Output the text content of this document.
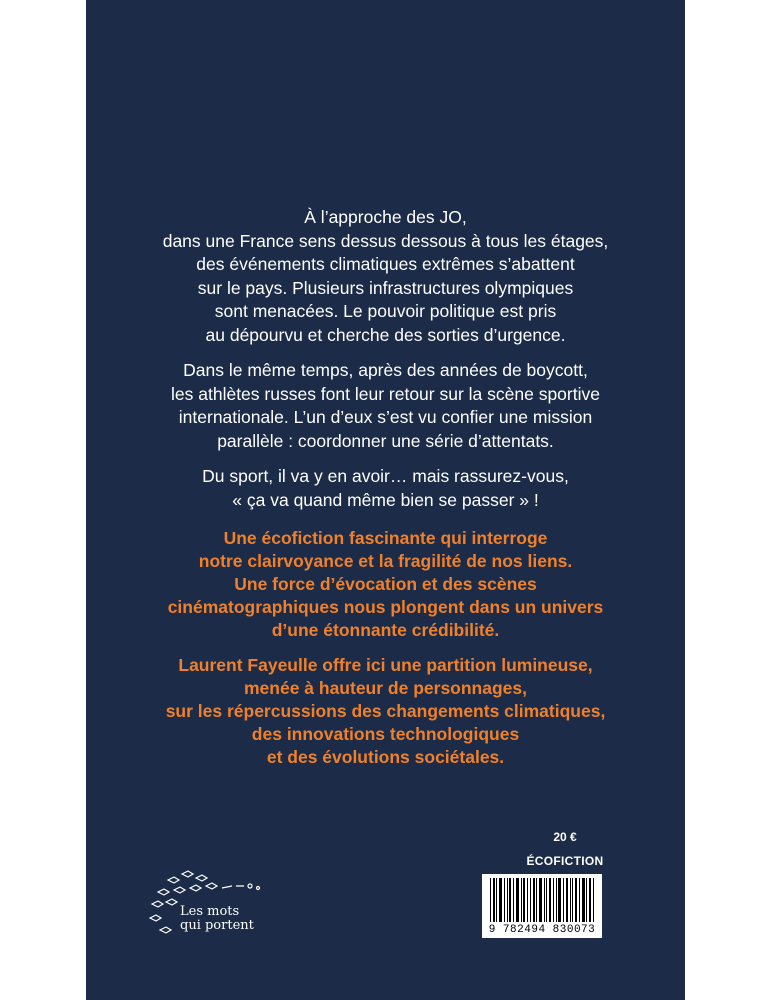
À l’approche des JO,
dans une France sens dessus dessous à tous les étages,
des événements climatiques extrêmes s’abattent
sur le pays. Plusieurs infrastructures olympiques
sont menacées. Le pouvoir politique est pris
au dépourvu et cherche des sorties d’urgence.

Dans le même temps, après des années de boycott,
les athlètes russes font leur retour sur la scène sportive
internationale. L’un d’eux s’est vu confier une mission
parallèle : coordonner une série d’attentats.

Du sport, il va y en avoir… mais rassurez-vous,
« ça va quand même bien se passer » !

Une écofiction fascinante qui interroge
notre clairvoyance et la fragilité de nos liens.
Une force d’évocation et des scènes
cinématographiques nous plongent dans un univers
d’une étonnante crédibilité.

Laurent Fayeulle offre ici une partition lumineuse,
menée à hauteur de personnages,
sur les répercussions des changements climatiques,
des innovations technologiques
et des évolutions sociétales.

20 €
ÉCOFICTION
9 782494 830073
Les mots
qui portent
